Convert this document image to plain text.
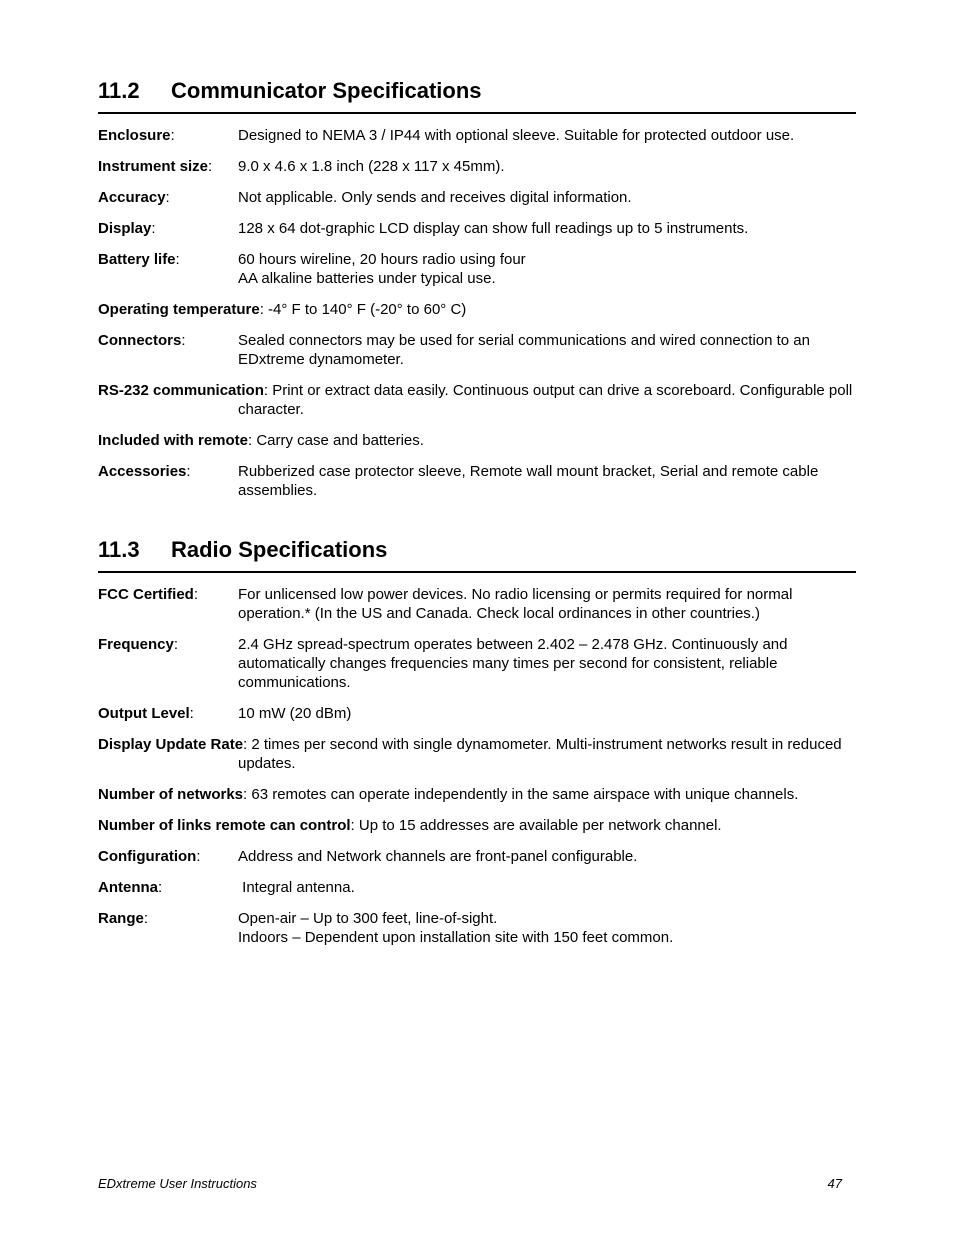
11.2 Communicator Specifications
Enclosure:	Designed to NEMA 3 / IP44 with optional sleeve. Suitable for protected outdoor use.
Instrument size: 9.0 x 4.6 x 1.8 inch (228 x 117 x 45mm).
Accuracy:	Not applicable. Only sends and receives digital information.
Display:	128 x 64 dot-graphic LCD display can show full readings up to 5 instruments.
Battery life:	60 hours wireline, 20 hours radio using four
AA alkaline batteries under typical use.
Operating temperature: -4° F to 140° F (-20° to 60° C)
Connectors:	Sealed connectors may be used for serial communications and wired connection to an
EDxtreme dynamometer.
RS-232 communication: Print or extract data easily. Continuous output can drive a scoreboard. Configurable poll character.
Included with remote: Carry case and batteries.
Accessories:	Rubberized case protector sleeve, Remote wall mount bracket, Serial and remote cable
assemblies.
11.3 Radio Specifications
FCC Certified:	For unlicensed low power devices. No radio licensing or permits required for normal
operation.* (In the US and Canada. Check local ordinances in other countries.)
Frequency:	2.4 GHz spread-spectrum operates between 2.402 – 2.478 GHz. Continuously and
automatically changes frequencies many times per second for consistent, reliable
communications.
Output Level:	10 mW (20 dBm)
Display Update Rate: 2 times per second with single dynamometer. Multi-instrument networks result in reduced updates.
Number of networks: 63 remotes can operate independently in the same airspace with unique channels.
Number of links remote can control: Up to 15 addresses are available per network channel.
Configuration:	Address and Network channels are front-panel configurable.
Antenna:	Integral antenna.
Range:	Open-air – Up to 300 feet, line-of-sight.
Indoors – Dependent upon installation site with 150 feet common.
EDxtreme User Instructions	47
